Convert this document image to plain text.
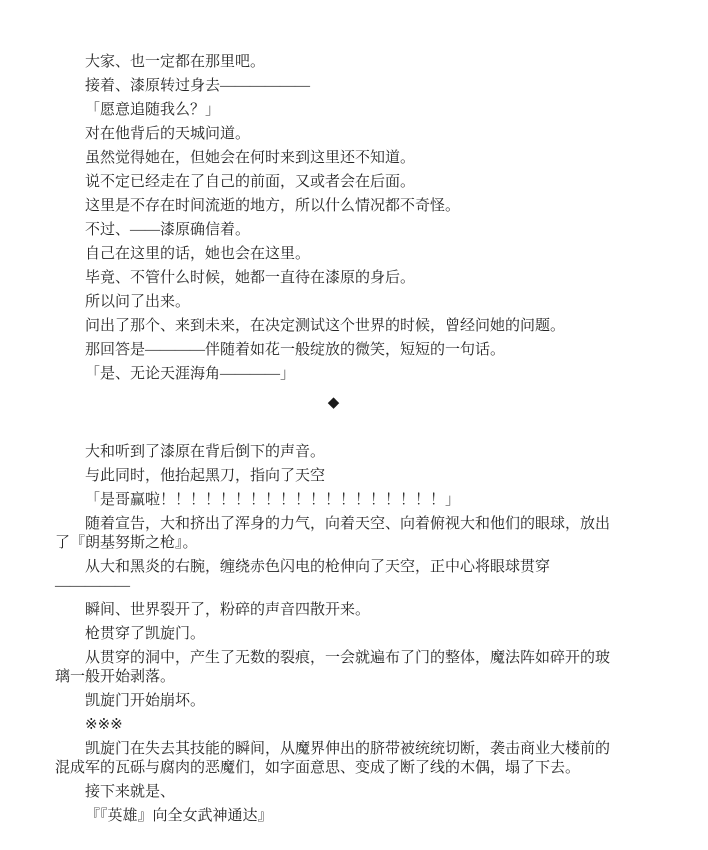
大家、也一定都在那里吧。

接着、漆原转过身去——————

「愿意追随我么？」

对在他背后的天城问道。

虽然觉得她在，但她会在何时来到这里还不知道。

说不定已经走在了自己的前面，又或者会在后面。

这里是不存在时间流逝的地方，所以什么情况都不奇怪。

不过、——漆原确信着。

自己在这里的话，她也会在这里。

毕竟、不管什么时候，她都一直待在漆原的身后。

所以问了出来。

问出了那个、来到未来，在决定测试这个世界的时候，曾经问她的问题。

那回答是————伴随着如花一般绽放的微笑，短短的一句话。

「是、无论天涯海角————」

◆

大和听到了漆原在背后倒下的声音。

与此同时，他抬起黑刀，指向了天空

「是哥赢啦！！！！！！！！！！！！！！！！！！！」

随着宣告，大和挤出了浑身的力气，向着天空、向着俯视大和他们的眼球，放出了『朗基努斯之枪』。

从大和黑炎的右腕，缠绕赤色闪电的枪伸向了天空，正中心将眼球贯穿—————

瞬间、世界裂开了，粉碎的声音四散开来。

枪贯穿了凯旋门。

从贯穿的洞中，产生了无数的裂痕，一会就遍布了门的整体，魔法阵如碎开的玻璃一般开始剥落。

凯旋门开始崩坏。

※※※

凯旋门在失去其技能的瞬间，从魔界伸出的脐带被统统切断，袭击商业大楼前的混成军的瓦砾与腐肉的恶魔们，如字面意思、变成了断了线的木偶，塌了下去。

接下来就是、

『『英雄』向全女武神通达』
